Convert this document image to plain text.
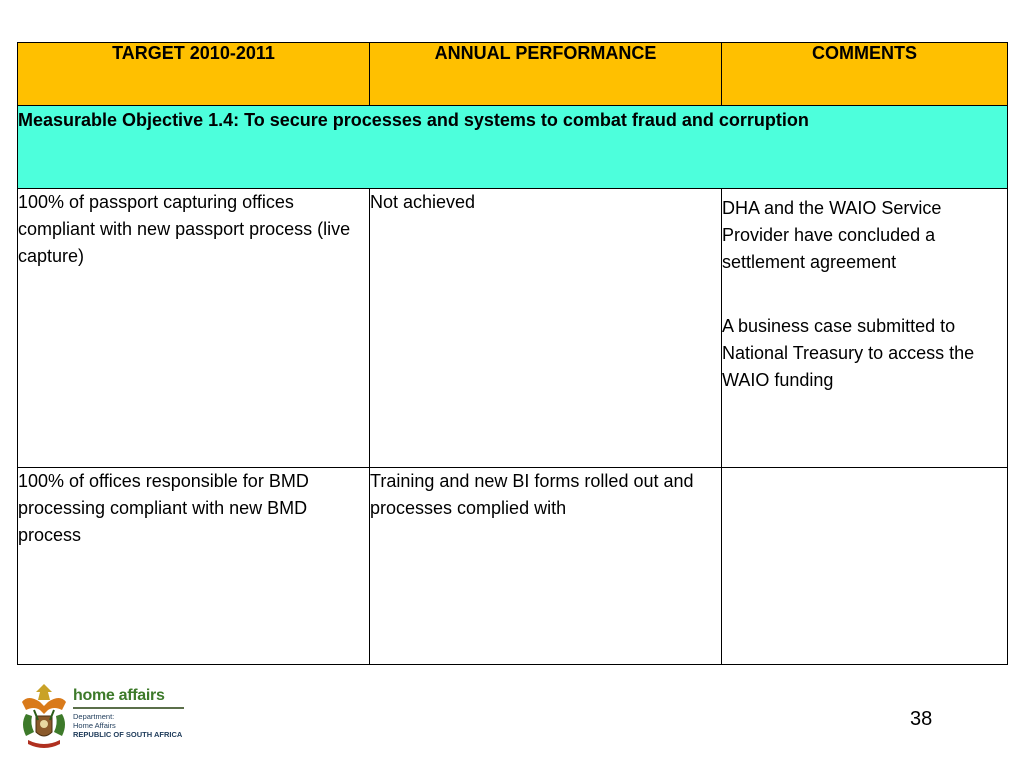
TARGET 2010-2011	ANNUAL PERFORMANCE	COMMENTS
Measurable Objective 1.4: To secure processes and systems to combat fraud and corruption		

100% of passport capturing offices compliant with new passport process (live capture)	Not achieved	DHA and the WAIO Service Provider have concluded a settlement agreement

A business case submitted to National Treasury to access the WAIO funding

100% of offices responsible for BMD processing compliant with new BMD process	Training and new BI forms rolled out and processes complied with	

home affairs
Department:
Home Affairs
REPUBLIC OF SOUTH AFRICA
38
